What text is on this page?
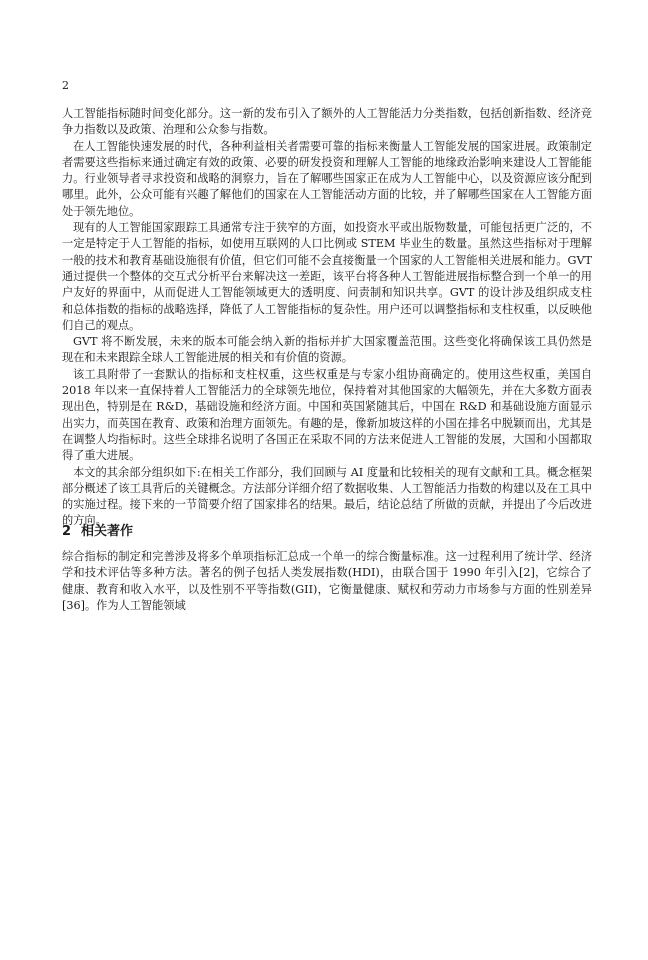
2

人工智能指标随时间变化部分。这一新的发布引入了额外的人工智能活力分类指数，包括创新指数、经济竞争力指数以及政策、治理和公众参与指数。

在人工智能快速发展的时代，各种利益相关者需要可靠的指标来衡量人工智能发展的国家进展。政策制定者需要这些指标来通过确定有效的政策、必要的研发投资和理解人工智能的地缘政治影响来建设人工智能能力。行业领导者寻求投资和战略的洞察力，旨在了解哪些国家正在成为人工智能中心，以及资源应该分配到哪里。此外，公众可能有兴趣了解他们的国家在人工智能活动方面的比较，并了解哪些国家在人工智能方面处于领先地位。

现有的人工智能国家跟踪工具通常专注于狭窄的方面，如投资水平或出版物数量，可能包括更广泛的，不一定是特定于人工智能的指标，如使用互联网的人口比例或 STEM 毕业生的数量。虽然这些指标对于理解一般的技术和教育基础设施很有价值，但它们可能不会直接衡量一个国家的人工智能相关进展和能力。GVT 通过提供一个整体的交互式分析平台来解决这一差距，该平台将各种人工智能进展指标整合到一个单一的用户友好的界面中，从而促进人工智能领域更大的透明度、问责制和知识共享。GVT 的设计涉及组织成支柱和总体指数的指标的战略选择，降低了人工智能指标的复杂性。用户还可以调整指标和支柱权重，以反映他们自己的观点。

GVT 将不断发展，未来的版本可能会纳入新的指标并扩大国家覆盖范围。这些变化将确保该工具仍然是现在和未来跟踪全球人工智能进展的相关和有价值的资源。

该工具附带了一套默认的指标和支柱权重，这些权重是与专家小组协商确定的。使用这些权重，美国自 2018 年以来一直保持着人工智能活力的全球领先地位，保持着对其他国家的大幅领先，并在大多数方面表现出色，特别是在 R&D，基础设施和经济方面。中国和英国紧随其后，中国在 R&D 和基础设施方面显示出实力，而英国在教育、政策和治理方面领先。有趣的是，像新加坡这样的小国在排名中脱颖而出，尤其是在调整人均指标时。这些全球排名说明了各国正在采取不同的方法来促进人工智能的发展，大国和小国都取得了重大进展。

本文的其余部分组织如下:在相关工作部分，我们回顾与 AI 度量和比较相关的现有文献和工具。概念框架部分概述了该工具背后的关键概念。方法部分详细介绍了数据收集、人工智能活力指数的构建以及在工具中的实施过程。接下来的一节简要介绍了国家排名的结果。最后，结论总结了所做的贡献，并提出了今后改进的方向。

2 相关著作

综合指标的制定和完善涉及将多个单项指标汇总成一个单一的综合衡量标准。这一过程利用了统计学、经济学和技术评估等多种方法。著名的例子包括人类发展指数(HDI)，由联合国于 1990 年引入[2]，它综合了健康、教育和收入水平，以及性别不平等指数(GII)，它衡量健康、赋权和劳动力市场参与方面的性别差异[36]。作为人工智能领域
